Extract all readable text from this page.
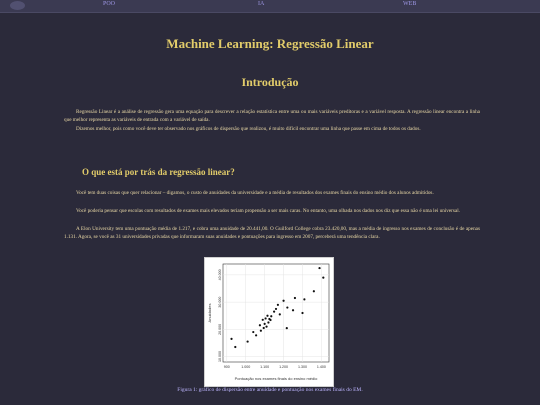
POO	IA	WEB
Machine Learning: Regressão Linear
Introdução

Regressão Linear é a análise de regressão gera uma equação para descrever a relação estatística entre uma ou mais variáveis preditoras e a variável resposta. A regressão linear encontra a linha que melhor representa as variáveis de entrada com a variável de saída.

Dizemos melhor, pois como você deve ter observado nos gráficos de dispersão que realizou, é muito difícil encontrar uma linha que passe em cima de todos os dados.

O que está por trás da regressão linear?

Você tem duas coisas que quer relacionar – digamos, o custo de anuidades da universidade e a média de resultados dos exames finais do ensino médio dos alunos admitidos.

Você poderia pensar que escolas com resultados de exames mais elevados teriam propensão a ser mais caras. No entanto, uma olhada nos dados nos diz que essa não é uma lei universal.

A Elon University tem uma pontuação média de 1.217, e cobra uma anuidade de 20.441,00. O Guilford College cobra 23.420,00, mas a média de ingresso nos exames de conclusão é de apenas 1.131. Agora, se você as 31 universidades privadas que informaram suas anuidades e pontuações para ingresso em 2007, perceberá uma tendência clara.

900	1.000	1.100	1.200	1.300	1.400
10.000
20.000
30.000
40.000
Pontuação nos exames finais do ensino médio
Anuidades
Figura 1: gráfico de dispersão entre anuidade e pontuação nos exames finais do EM.
